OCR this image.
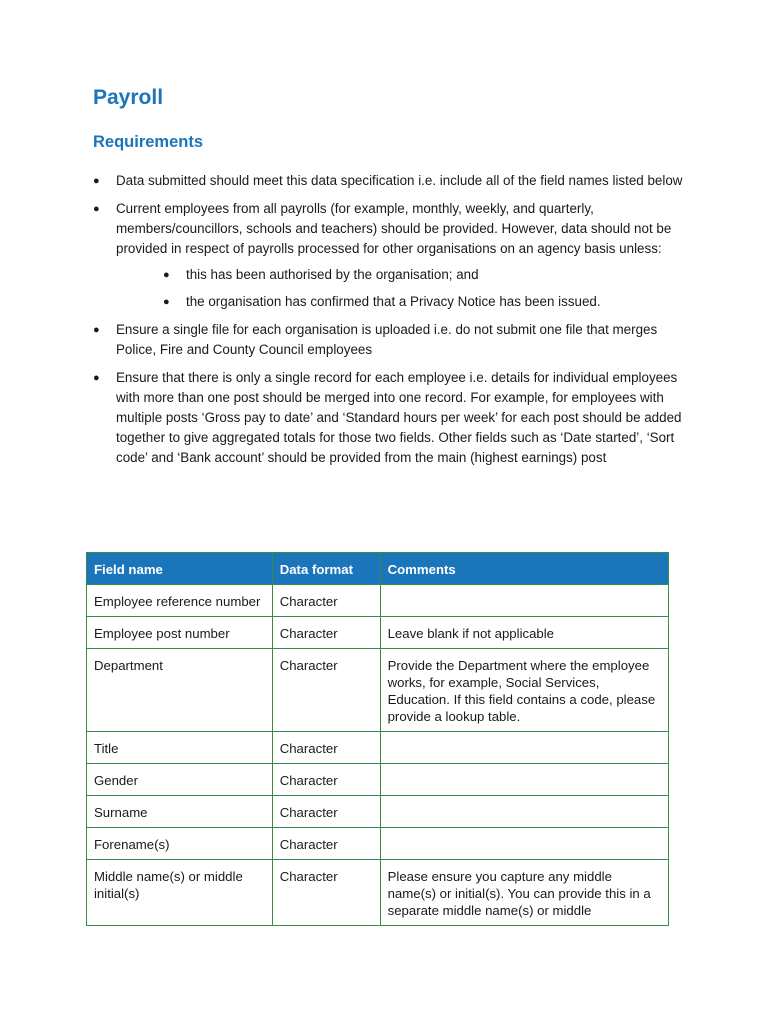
Payroll
Requirements
● Data submitted should meet this data specification i.e. include all of the field names listed below
● Current employees from all payrolls (for example, monthly, weekly, and quarterly, members/councillors, schools and teachers) should be provided. However, data should not be provided in respect of payrolls processed for other organisations on an agency basis unless:
● this has been authorised by the organisation; and
● the organisation has confirmed that a Privacy Notice has been issued.
● Ensure a single file for each organisation is uploaded i.e. do not submit one file that merges Police, Fire and County Council employees
● Ensure that there is only a single record for each employee i.e. details for individual employees with more than one post should be merged into one record. For example, for employees with multiple posts ‘Gross pay to date’ and ‘Standard hours per week’ for each post should be added together to give aggregated totals for those two fields. Other fields such as ‘Date started’, ‘Sort code’ and ‘Bank account’ should be provided from the main (highest earnings) post
Field name	Data format	Comments
Employee reference number	Character	
Employee post number	Character	Leave blank if not applicable
Department	Character	Provide the Department where the employee works, for example, Social Services, Education. If this field contains a code, please provide a lookup table.
Title	Character	
Gender	Character	
Surname	Character	
Forename(s)	Character	
Middle name(s) or middle initial(s)	Character	Please ensure you capture any middle name(s) or initial(s). You can provide this in a separate middle name(s) or middle
